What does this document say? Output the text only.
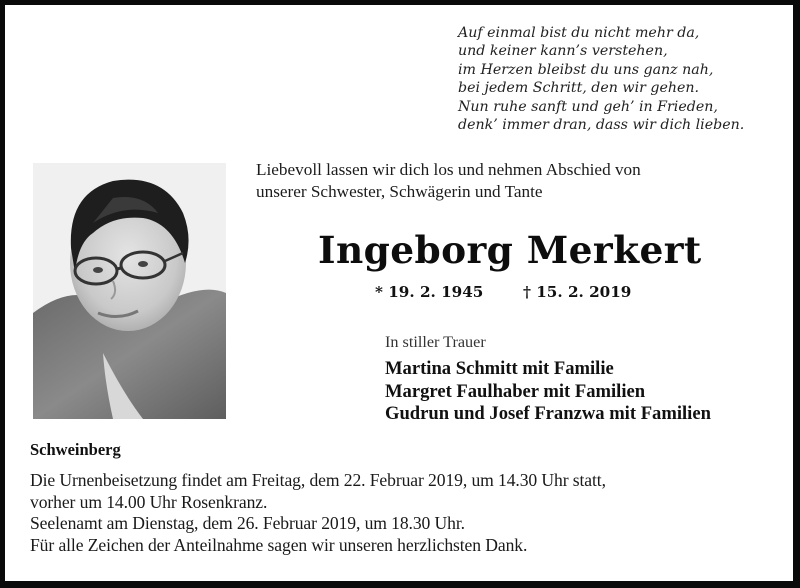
Auf einmal bist du nicht mehr da,
und keiner kann’s verstehen,
im Herzen bleibst du uns ganz nah,
bei jedem Schritt, den wir gehen.
Nun ruhe sanft und geh’ in Frieden,
denk’ immer dran, dass wir dich lieben.
Liebevoll lassen wir dich los und nehmen Abschied von
unserer Schwester, Schwägerin und Tante
Ingeborg Merkert
* 19. 2. 1945	† 15. 2. 2019
In stiller Trauer
Martina Schmitt mit Familie
Margret Faulhaber mit Familien
Gudrun und Josef Franzwa mit Familien
Schweinberg
Die Urnenbeisetzung findet am Freitag, dem 22. Februar 2019, um 14.30 Uhr statt,
vorher um 14.00 Uhr Rosenkranz.
Seelenamt am Dienstag, dem 26. Februar 2019, um 18.30 Uhr.
Für alle Zeichen der Anteilnahme sagen wir unseren herzlichsten Dank.
